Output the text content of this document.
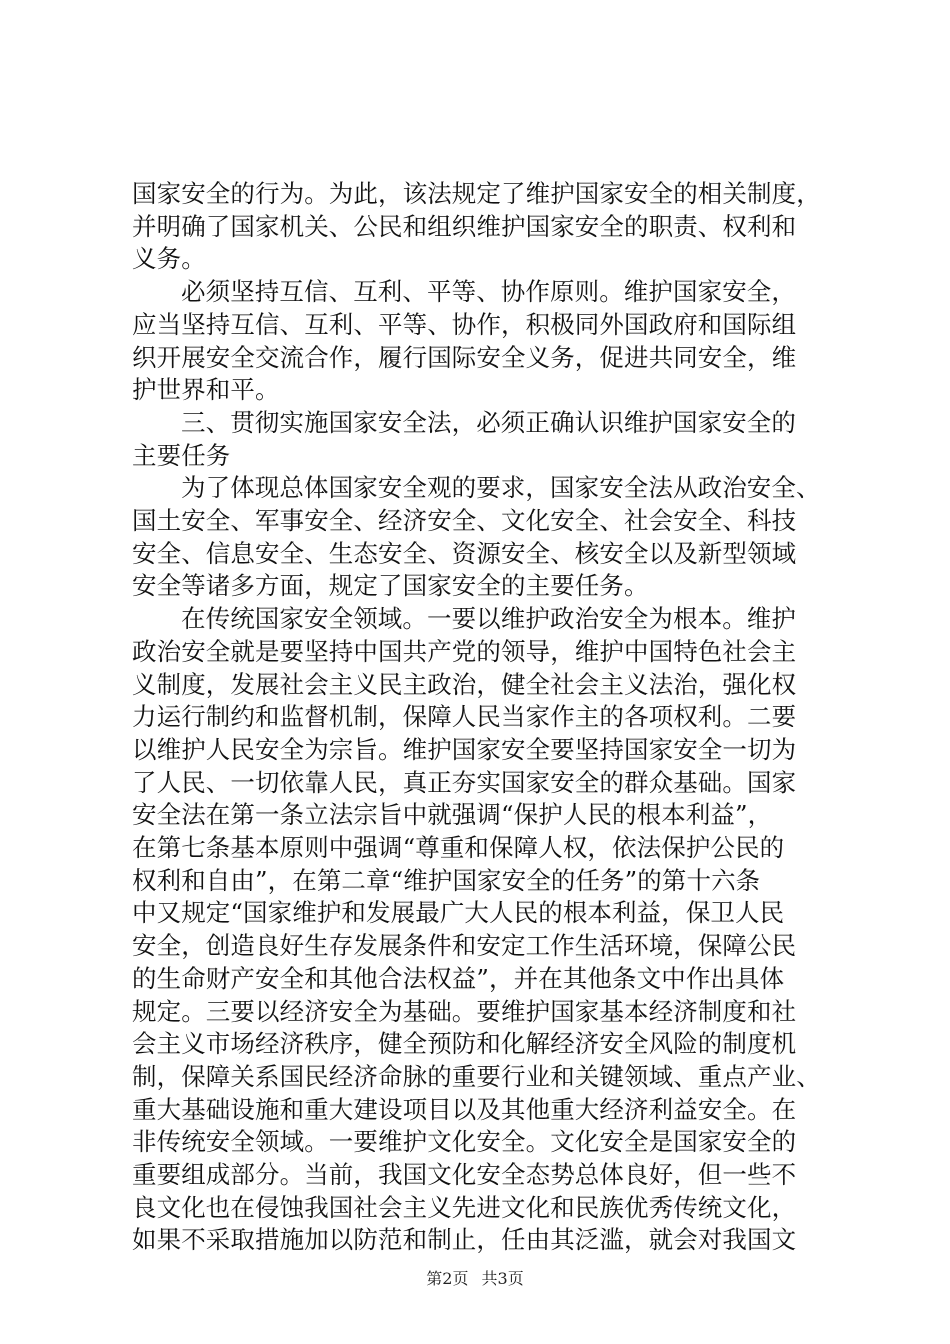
国家安全的行为。为此，该法规定了维护国家安全的相关制度，
并明确了国家机关、公民和组织维护国家安全的职责、权利和
义务。
必须坚持互信、互利、平等、协作原则。维护国家安全，
应当坚持互信、互利、平等、协作，积极同外国政府和国际组
织开展安全交流合作，履行国际安全义务，促进共同安全，维
护世界和平。
三、贯彻实施国家安全法，必须正确认识维护国家安全的
主要任务
为了体现总体国家安全观的要求，国家安全法从政治安全、
国土安全、军事安全、经济安全、文化安全、社会安全、科技
安全、信息安全、生态安全、资源安全、核安全以及新型领域
安全等诸多方面，规定了国家安全的主要任务。
在传统国家安全领域。一要以维护政治安全为根本。维护
政治安全就是要坚持中国共产党的领导，维护中国特色社会主
义制度，发展社会主义民主政治，健全社会主义法治，强化权
力运行制约和监督机制，保障人民当家作主的各项权利。二要
以维护人民安全为宗旨。维护国家安全要坚持国家安全一切为
了人民、一切依靠人民，真正夯实国家安全的群众基础。国家
安全法在第一条立法宗旨中就强调“保护人民的根本利益”，
在第七条基本原则中强调“尊重和保障人权，依法保护公民的
权利和自由”，在第二章“维护国家安全的任务”的第十六条
中又规定“国家维护和发展最广大人民的根本利益，保卫人民
安全，创造良好生存发展条件和安定工作生活环境，保障公民
的生命财产安全和其他合法权益”，并在其他条文中作出具体
规定。三要以经济安全为基础。要维护国家基本经济制度和社
会主义市场经济秩序，健全预防和化解经济安全风险的制度机
制，保障关系国民经济命脉的重要行业和关键领域、重点产业、
重大基础设施和重大建设项目以及其他重大经济利益安全。在
非传统安全领域。一要维护文化安全。文化安全是国家安全的
重要组成部分。当前，我国文化安全态势总体良好，但一些不
良文化也在侵蚀我国社会主义先进文化和民族优秀传统文化，
如果不采取措施加以防范和制止，任由其泛滥，就会对我国文
第2页 共3页
